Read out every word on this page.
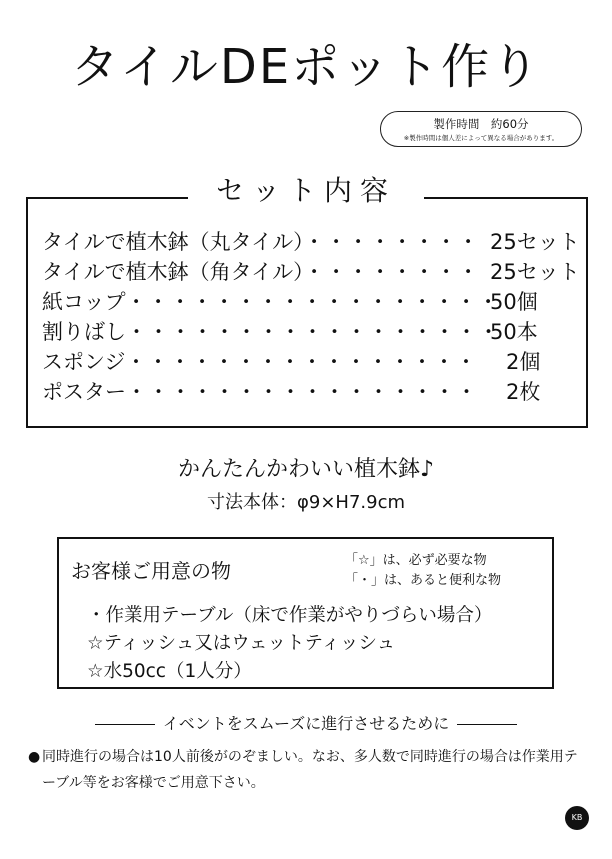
タイルDEポット作り
製作時間　約60分
※製作時間は個人差によって異なる場合があります。
タイルで植木鉢（丸タイル）・・・・・・・・ 25セット
タイルで植木鉢（角タイル）・・・・・・・・ 25セット
紙コップ・・・・・・・・・・・・・・・・・
50個
割りばし・・・・・・・・・・・・・・・・・
50本
スポンジ・・・・・・・・・・・・・・・・ 2個
ポスター・・・・・・・・・・・・・・・・ 2枚
セット内容
かんたんかわいい植木鉢♪
寸法本体：φ9×H7.9cm
お客様ご用意の物	「☆」は、必ず必要な物
「・」は、あると便利な物
・作業用テーブル（床で作業がやりづらい場合）
☆ティッシュ又はウェットティッシュ
☆水50cc（1人分）
イベントをスムーズに進行させるために
● 同時進行の場合は10人前後がのぞましい。なお、多人数で同時進行の場合は作業用テーブル等をお客様でご用意下さい。
KB
